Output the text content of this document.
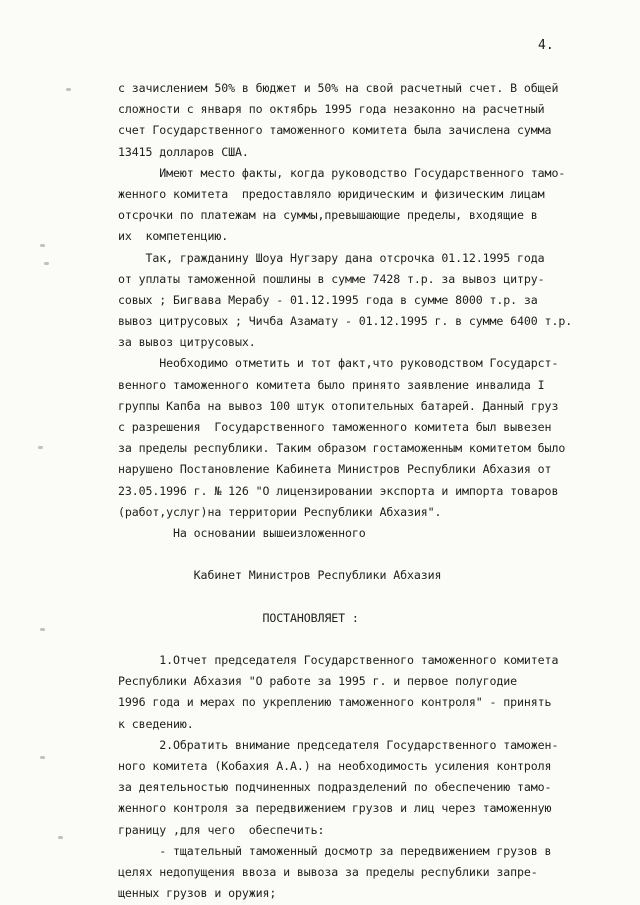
4.
с зачислением 50% в бюджет и 50% на свой расчетный счет. В общей
сложности с января по октябрь 1995 года незаконно на расчетный
счет Государственного таможенного комитета была зачислена сумма
13415 долларов США.
Имеют место факты, когда руководство Государственного тамо-
женного комитета  предоставляло юридическим и физическим лицам
отсрочки по платежам на суммы,превышающие пределы, входящие в
их  компетенцию.
Так, гражданину Шоуа Нугзару дана отсрочка 01.12.1995 года
от уплаты таможенной пошлины в сумме 7428 т.р. за вывоз цитру-
совых ; Бигвава Мерабу - 01.12.1995 года в сумме 8000 т.р. за
вывоз цитрусовых ; Чичба Азамату - 01.12.1995 г. в сумме 6400 т.р.
за вывоз цитрусовых.
Необходимо отметить и тот факт,что руководством Государст-
венного таможенного комитета было принято заявление инвалида I
группы Капба на вывоз 100 штук отопительных батарей. Данный груз
с разрешения  Государственного таможенного комитета был вывезен
за пределы республики. Таким образом гостаможенным комитетом было
нарушено Постановление Кабинета Министров Республики Абхазия от
23.05.1996 г. № 126 "О лицензировании экспорта и импорта товаров
(работ,услуг)на территории Республики Абхазия".
На основании вышеизложенного
Кабинет Министров Республики Абхазия
ПОСТАНОВЛЯЕТ :
1.Отчет председателя Государственного таможенного комитета
Республики Абхазия "О работе за 1995 г. и первое полугодие
1996 года и мерах по укреплению таможенного контроля" - принять
к сведению.
2.Обратить внимание председателя Государственного таможен-
ного комитета (Кобахия А.А.) на необходимость усиления контроля
за деятельностью подчиненных подразделений по обеспечению тамо-
женного контроля за передвижением грузов и лиц через таможенную
границу ,для чего  обеспечить:
- тщательный таможенный досмотр за передвижением грузов в
целях недопущения ввоза и вывоза за пределы республики запре-
щенных грузов и оружия;
